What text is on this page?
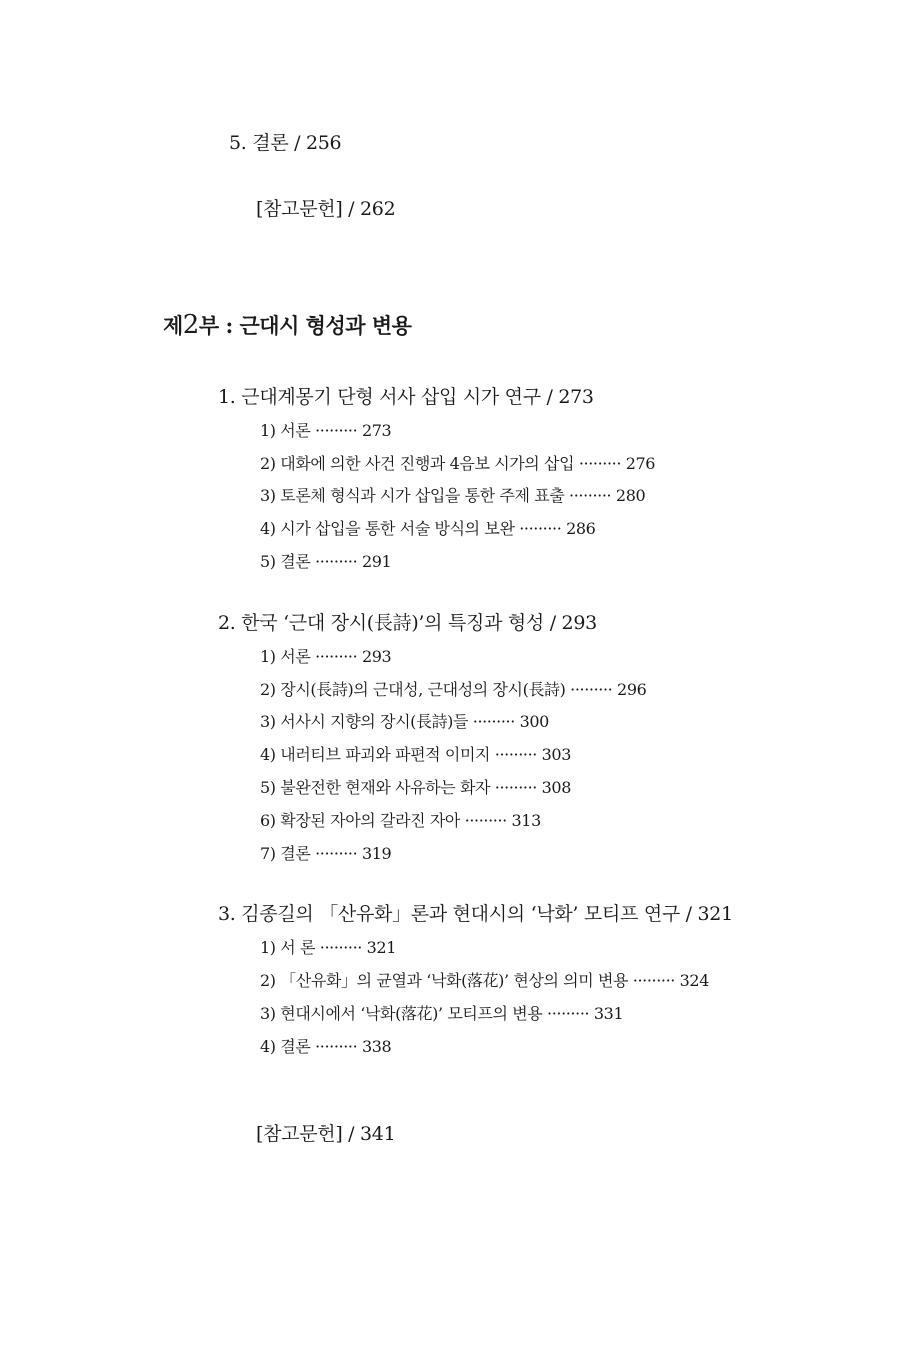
5. 결론 / 256
[참고문헌] / 262
제2부 : 근대시 형성과 변용
1. 근대계몽기 단형 서사 삽입 시가 연구 / 273
1) 서론 ········· 273
2) 대화에 의한 사건 진행과 4음보 시가의 삽입 ········· 276
3) 토론체 형식과 시가 삽입을 통한 주제 표출 ········· 280
4) 시가 삽입을 통한 서술 방식의 보완 ········· 286
5) 결론 ········· 291
2. 한국 ‘근대 장시(長詩)’의 특징과 형성 / 293
1) 서론 ········· 293
2) 장시(長詩)의 근대성, 근대성의 장시(長詩) ········· 296
3) 서사시 지향의 장시(長詩)들 ········· 300
4) 내러티브 파괴와 파편적 이미지 ········· 303
5) 불완전한 현재와 사유하는 화자 ········· 308
6) 확장된 자아의 갈라진 자아 ········· 313
7) 결론 ········· 319
3. 김종길의 「산유화」론과 현대시의 ‘낙화’ 모티프 연구 / 321
1) 서 론 ········· 321
2) 「산유화」의 균열과 ‘낙화(落花)’ 현상의 의미 변용 ········· 324
3) 현대시에서 ‘낙화(落花)’ 모티프의 변용 ········· 331
4) 결론 ········· 338
[참고문헌] / 341
